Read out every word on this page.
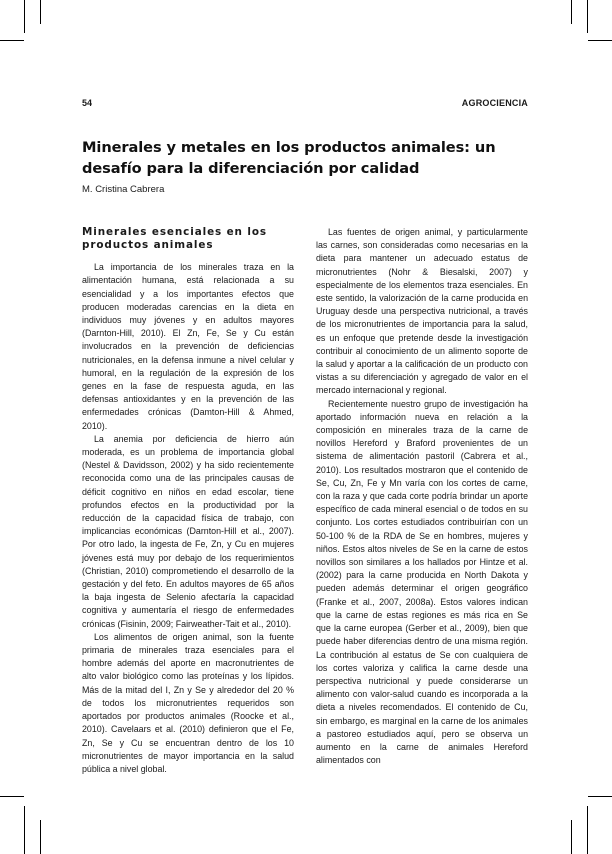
54	AGROCIENCIA
Minerales y metales en los productos animales: un desafío para la diferenciación por calidad
M. Cristina Cabrera
Minerales esenciales en los productos animales

La importancia de los minerales traza en la alimentación humana, está relacionada a su esencialidad y a los importantes efectos que producen moderadas carencias en la dieta en individuos muy jóvenes y en adultos mayores (Darnton-Hill, 2010). El Zn, Fe, Se y Cu están involucrados en la prevención de deficiencias nutricionales, en la defensa inmune a nivel celular y humoral, en la regulación de la expresión de los genes en la fase de respuesta aguda, en las defensas antioxidantes y en la prevención de las enfermedades crónicas (Damton-Hill & Ahmed, 2010).

La anemia por deficiencia de hierro aún moderada, es un problema de importancia global (Nestel & Davidsson, 2002) y ha sido recientemente reconocida como una de las principales causas de déficit cognitivo en niños en edad escolar, tiene profundos efectos en la productividad por la reducción de la capacidad física de trabajo, con implicancias económicas (Darnton-Hill et al., 2007). Por otro lado, la ingesta de Fe, Zn, y Cu en mujeres jóvenes está muy por debajo de los requerimientos (Christian, 2010) comprometiendo el desarrollo de la gestación y del feto. En adultos mayores de 65 años la baja ingesta de Selenio afectaría la capacidad cognitiva y aumentaría el riesgo de enfermedades crónicas (Fisinin, 2009; Fairweather-Tait et al., 2010).

Los alimentos de origen animal, son la fuente primaria de minerales traza esenciales para el hombre además del aporte en macronutrientes de alto valor biológico como las proteínas y los lípidos. Más de la mitad del I, Zn y Se y alrededor del 20 % de todos los micronutrientes requeridos son aportados por productos animales (Roocke et al., 2010). Cavelaars et al. (2010) definieron que el Fe, Zn, Se y Cu se encuentran dentro de los 10 micronutrientes de mayor importancia en la salud pública a nivel global.

Las fuentes de origen animal, y particularmente las carnes, son consideradas como necesarias en la dieta para mantener un adecuado estatus de micronutrientes (Nohr & Biesalski, 2007) y especialmente de los elementos traza esenciales. En este sentido, la valorización de la carne producida en Uruguay desde una perspectiva nutricional, a través de los micronutrientes de importancia para la salud, es un enfoque que pretende desde la investigación contribuir al conocimiento de un alimento soporte de la salud y aportar a la calificación de un producto con vistas a su diferenciación y agregado de valor en el mercado internacional y regional.

Recientemente nuestro grupo de investigación ha aportado información nueva en relación a la composición en minerales traza de la carne de novillos Hereford y Braford provenientes de un sistema de alimentación pastoril (Cabrera et al., 2010). Los resultados mostraron que el contenido de Se, Cu, Zn, Fe y Mn varía con los cortes de carne, con la raza y que cada corte podría brindar un aporte específico de cada mineral esencial o de todos en su conjunto. Los cortes estudiados contribuirían con un 50-100 % de la RDA de Se en hombres, mujeres y niños. Estos altos niveles de Se en la carne de estos novillos son similares a los hallados por Hintze et al. (2002) para la carne producida en North Dakota y pueden además determinar el origen geográfico (Franke et al., 2007, 2008a). Estos valores indican que la carne de estas regiones es más rica en Se que la carne europea (Gerber et al., 2009), bien que puede haber diferencias dentro de una misma región. La contribución al estatus de Se con cualquiera de los cortes valoriza y califica la carne desde una perspectiva nutricional y puede considerarse un alimento con valor-salud cuando es incorporada a la dieta a niveles recomendados. El contenido de Cu, sin embargo, es marginal en la carne de los animales a pastoreo estudiados aquí, pero se observa un aumento en la carne de animales Hereford alimentados con
